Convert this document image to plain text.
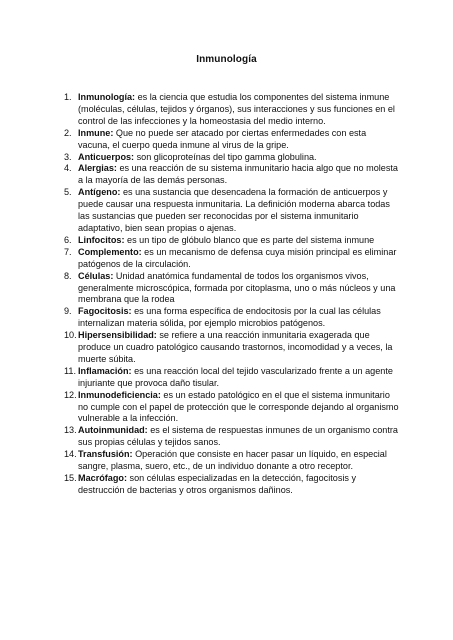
Inmunología
1. Inmunología: es la ciencia que estudia los componentes del sistema inmune (moléculas, células, tejidos y órganos), sus interacciones y sus funciones en el control de las infecciones y la homeostasia del medio interno.
2. Inmune: Que no puede ser atacado por ciertas enfermedades con esta vacuna, el cuerpo queda inmune al virus de la gripe.
3. Anticuerpos: son glicoproteínas del tipo gamma globulina.
4. Alergias: es una reacción de su sistema inmunitario hacia algo que no molesta a la mayoría de las demás personas.
5. Antígeno: es una sustancia que desencadena la formación de anticuerpos y puede causar una respuesta inmunitaria. La definición moderna abarca todas las sustancias que pueden ser reconocidas por el sistema inmunitario adaptativo, bien sean propias o ajenas.
6. Linfocitos: es un tipo de glóbulo blanco que es parte del sistema inmune
7. Complemento: es un mecanismo de defensa cuya misión principal es eliminar patógenos de la circulación.
8. Células: Unidad anatómica fundamental de todos los organismos vivos, generalmente microscópica, formada por citoplasma, uno o más núcleos y una membrana que la rodea
9. Fagocitosis: es una forma específica de endocitosis por la cual las células internalizan materia sólida, por ejemplo microbios patógenos.
10. Hipersensibilidad: se refiere a una reacción inmunitaria exagerada que produce un cuadro patológico causando trastornos, incomodidad y a veces, la muerte súbita.
11. Inflamación: es una reacción local del tejido vascularizado frente a un agente injuriante que provoca daño tisular.
12. Inmunodeficiencia: es un estado patológico en el que el sistema inmunitario no cumple con el papel de protección que le corresponde dejando al organismo vulnerable a la infección.
13. Autoinmunidad: es el sistema de respuestas inmunes de un organismo contra sus propias células y tejidos sanos.
14. Transfusión: Operación que consiste en hacer pasar un líquido, en especial sangre, plasma, suero, etc., de un individuo donante a otro receptor.
15. Macrófago: son células especializadas en la detección, fagocitosis y destrucción de bacterias y otros organismos dañinos.
